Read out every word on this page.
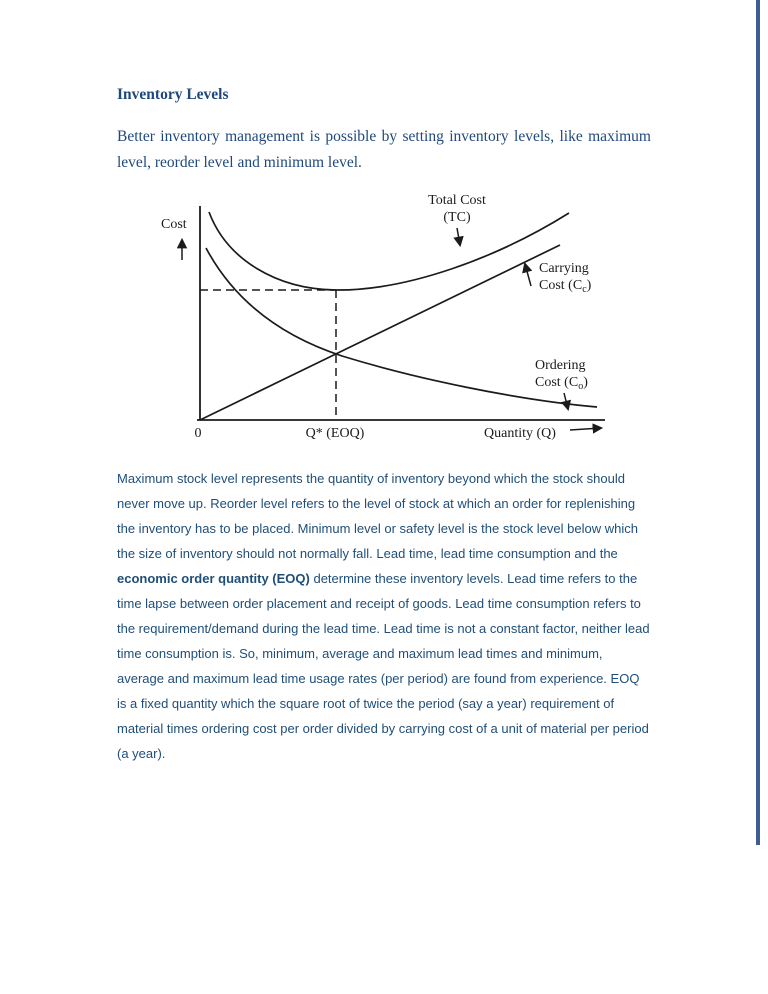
Inventory Levels

Better inventory management is possible by setting inventory levels, like maximum level, reorder level and minimum level.

Cost
Total Cost
(TC)
Carrying
Cost $(C_c)$
Ordering
Cost $(C_o)$
0	Q* (EOQ)	Quantity (Q)

Maximum stock level represents the quantity of inventory beyond which the stock should never move up. Reorder level refers to the level of stock at which an order for replenishing the inventory has to be placed. Minimum level or safety level is the stock level below which the size of inventory should not normally fall. Lead time, lead time consumption and the economic order quantity (EOQ) determine these inventory levels. Lead time refers to the time lapse between order placement and receipt of goods. Lead time consumption refers to the requirement/demand during the lead time. Lead time is not a constant factor, neither lead time consumption is. So, minimum, average and maximum lead times and minimum, average and maximum lead time usage rates (per period) are found from experience. EOQ is a fixed quantity which the square root of twice the period (say a year) requirement of material times ordering cost per order divided by carrying cost of a unit of material per period (a year).
